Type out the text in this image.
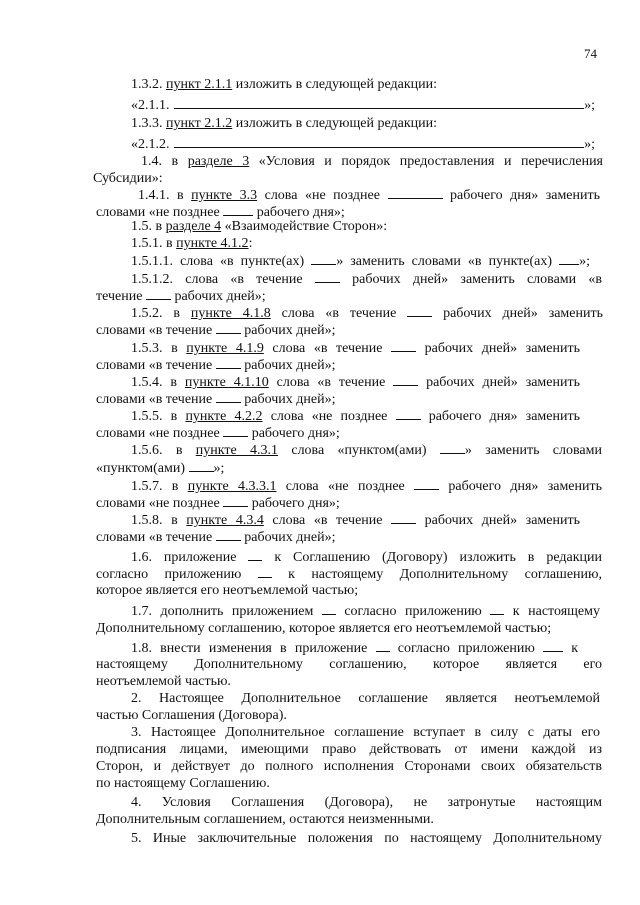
74
1.3.2. пункт 2.1.1 изложить в следующей редакции:
«2.1.1.	»;
1.3.3. пункт 2.1.2 изложить в следующей редакции:
«2.1.2.	»;
1.4. в разделе 3 «Условия и порядок предоставления и перечисления
Субсидии»:
1.4.1. в пункте 3.3 слова «не позднее	рабочего дня» заменить
словами «не позднее  рабочего дня»;
1.5. в разделе 4 «Взаимодействие Сторон»:
1.5.1. в пункте 4.1.2:
1.5.1.1. слова «в пункте(ах) » заменить словами «в пункте(ах) »;
1.5.1.2. слова «в течение  рабочих дней» заменить словами «в
течение  рабочих дней»;
1.5.2. в пункте 4.1.8 слова «в течение  рабочих дней» заменить
словами «в течение  рабочих дней»;
1.5.3. в пункте 4.1.9 слова «в течение  рабочих дней» заменить
словами «в течение  рабочих дней»;
1.5.4. в пункте 4.1.10 слова «в течение  рабочих дней» заменить
словами «в течение  рабочих дней»;
1.5.5. в пункте 4.2.2 слова «не позднее  рабочего дня» заменить
словами «не позднее  рабочего дня»;
1.5.6. в пункте 4.3.1 слова «пунктом(ами) » заменить словами
«пунктом(ами) »;
1.5.7. в пункте 4.3.3.1 слова «не позднее  рабочего дня» заменить
словами «не позднее  рабочего дня»;
1.5.8. в пункте 4.3.4 слова «в течение  рабочих дней» заменить
словами «в течение  рабочих дней»;
1.6. приложение  к Соглашению (Договору) изложить в редакции
согласно приложению  к настоящему Дополнительному соглашению,
которое является его неотъемлемой частью;
1.7. дополнить приложением  согласно приложению  к настоящему
Дополнительному соглашению, которое является его неотъемлемой частью;
1.8. внести изменения в приложение  согласно приложению  к
настоящему Дополнительному соглашению, которое является его
неотъемлемой частью.
2. Настоящее Дополнительное соглашение является неотъемлемой
частью Соглашения (Договора).
3. Настоящее Дополнительное соглашение вступает в силу с даты его
подписания лицами, имеющими право действовать от имени каждой из
Сторон, и действует до полного исполнения Сторонами своих обязательств
по настоящему Соглашению.
4. Условия Соглашения (Договора), не затронутые настоящим
Дополнительным соглашением, остаются неизменными.
5. Иные заключительные положения по настоящему Дополнительному
